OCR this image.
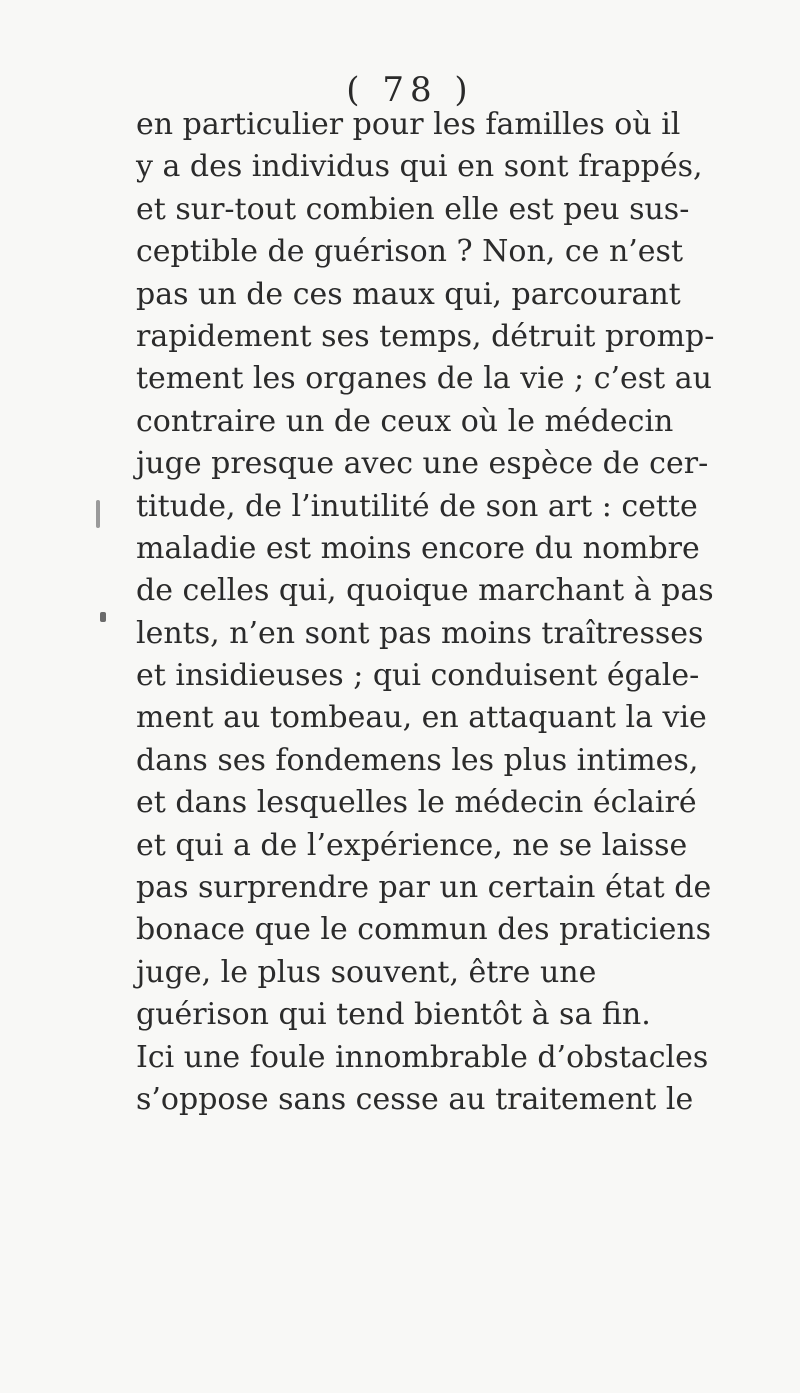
( 78 )
en particulier pour les familles où il
y a des individus qui en sont frappés,
et sur-tout combien elle est peu sus-
ceptible de guérison ? Non, ce n’est
pas un de ces maux qui, parcourant
rapidement ses temps, détruit promp-
tement les organes de la vie ; c’est au
contraire un de ceux où le médecin
juge presque avec une espèce de cer-
titude, de l’inutilité de son art : cette
maladie est moins encore du nombre
de celles qui, quoique marchant à pas
lents, n’en sont pas moins traîtresses
et insidieuses ; qui conduisent égale-
ment au tombeau, en attaquant la vie
dans ses fondemens les plus intimes,
et dans lesquelles le médecin éclairé
et qui a de l’expérience, ne se laisse
pas surprendre par un certain état de
bonace que le commun des praticiens
juge, le plus souvent, être une
guérison qui tend bientôt à sa fin.
Ici une foule innombrable d’obstacles
s’oppose sans cesse au traitement le
